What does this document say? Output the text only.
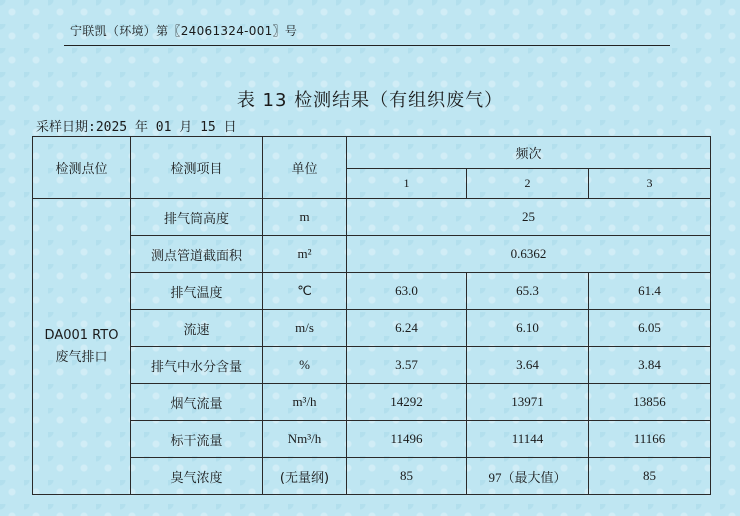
宁联凯（环境）第〖24061324-001〗号
表 13 检测结果（有组织废气）
采样日期:2025 年 01 月 15 日
检测点位	检测项目	单位	频次		
			1	2	3
DA001 RTO 废气排口	排气筒高度	m	25		
	测点管道截面积	m²	0.6362		
	排气温度	℃	63.0	65.3	61.4
	流速	m/s	6.24	6.10	6.05
	排气中水分含量	%	3.57	3.64	3.84
	烟气流量	m³/h	14292	13971	13856
	标干流量	Nm³/h	11496	11144	11166
	臭气浓度	(无量纲)	85	97（最大值）	85
